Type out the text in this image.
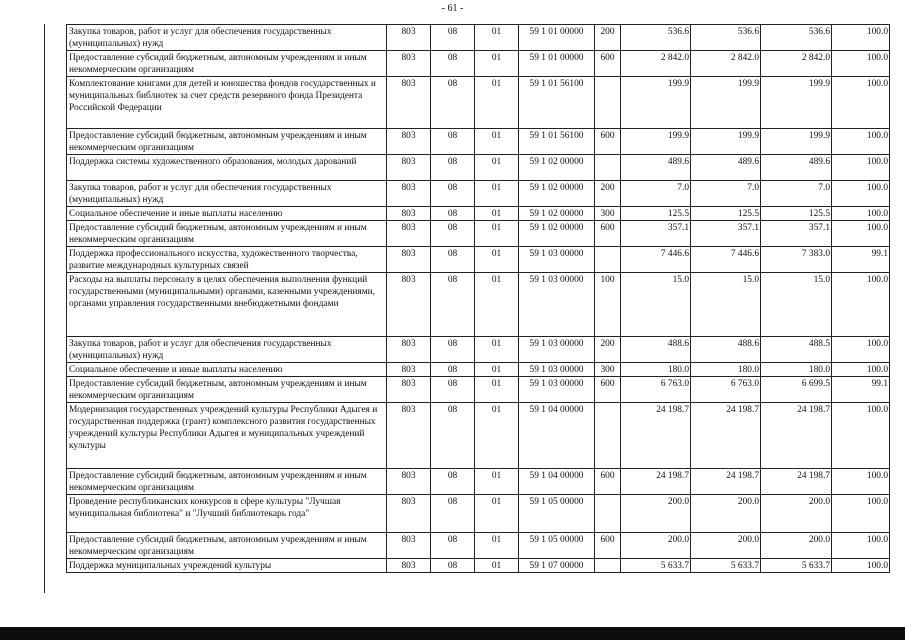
- 61 -
Закупка товаров, работ и услуг для обеспечения государственных (муниципальных) нужд	803	08	01	59 1 01 00000	200	536.6	536.6	536.6	100.0
Предоставление субсидий бюджетным, автономным учреждениям и иным некоммерческим организациям	803	08	01	59 1 01 00000	600	2 842.0	2 842.0	2 842.0	100.0
Комплектование книгами для детей и юношества фондов государственных и муниципальных библиотек за счет средств резервного фонда Президента Российской Федерации	803	08	01	59 1 01 56100		199.9	199.9	199.9	100.0
Предоставление субсидий бюджетным, автономным учреждениям и иным некоммерческим организациям	803	08	01	59 1 01 56100	600	199.9	199.9	199.9	100.0
Поддержка системы художественного образования, молодых дарований	803	08	01	59 1 02 00000		489.6	489.6	489.6	100.0
Закупка товаров, работ и услуг для обеспечения государственных (муниципальных) нужд	803	08	01	59 1 02 00000	200	7.0	7.0	7.0	100.0
Социальное обеспечение и иные выплаты населению	803	08	01	59 1 02 00000	300	125.5	125.5	125.5	100.0
Предоставление субсидий бюджетным, автономным учреждениям и иным некоммерческим организациям	803	08	01	59 1 02 00000	600	357.1	357.1	357.1	100.0
Поддержка профессионального искусства, художественного творчества, развитие международных культурных связей	803	08	01	59 1 03 00000		7 446.6	7 446.6	7 383.0	99.1
Расходы на выплаты персоналу в целях обеспечения выполнения функций государственными (муниципальными) органами, казенными учреждениями, органами управления государственными внебюджетными фондами	803	08	01	59 1 03 00000	100	15.0	15.0	15.0	100.0
Закупка товаров, работ и услуг для обеспечения государственных (муниципальных) нужд	803	08	01	59 1 03 00000	200	488.6	488.6	488.5	100.0
Социальное обеспечение и иные выплаты населению	803	08	01	59 1 03 00000	300	180.0	180.0	180.0	100.0
Предоставление субсидий бюджетным, автономным учреждениям и иным некоммерческим организациям	803	08	01	59 1 03 00000	600	6 763.0	6 763.0	6 699.5	99.1
Модернизация государственных учреждений культуры Республики Адыгея и государственная поддержка (грант) комплексного развития государственных учреждений культуры Республики Адыгея и муниципальных учреждений культуры	803	08	01	59 1 04 00000		24 198.7	24 198.7	24 198.7	100.0
Предоставление субсидий бюджетным, автономным учреждениям и иным некоммерческим организациям	803	08	01	59 1 04 00000	600	24 198.7	24 198.7	24 198.7	100.0
Проведение республиканских конкурсов в сфере культуры "Лучшая муниципальная библиотека" и "Лучший библиотекарь года"	803	08	01	59 1 05 00000		200.0	200.0	200.0	100.0
Предоставление субсидий бюджетным, автономным учреждениям и иным некоммерческим организациям	803	08	01	59 1 05 00000	600	200.0	200.0	200.0	100.0
Поддержка муниципальных учреждений культуры	803	08	01	59 1 07 00000		5 633.7	5 633.7	5 633.7	100.0
